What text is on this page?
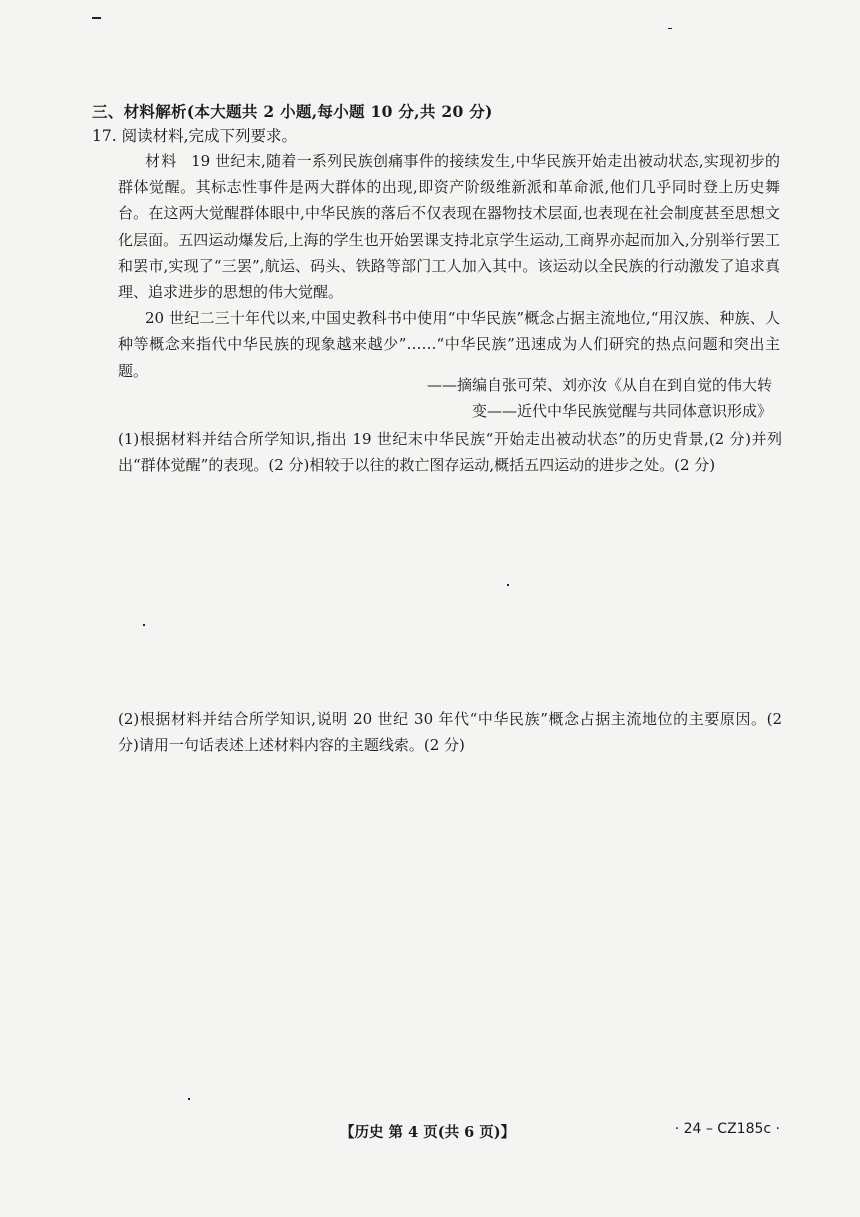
三、材料解析(本大题共 2 小题,每小题 10 分,共 20 分)
17. 阅读材料,完成下列要求。

材料 19 世纪末,随着一系列民族创痛事件的接续发生,中华民族开始走出被动状态,实现初步的群体觉醒。其标志性事件是两大群体的出现,即资产阶级维新派和革命派,他们几乎同时登上历史舞台。在这两大觉醒群体眼中,中华民族的落后不仅表现在器物技术层面,也表现在社会制度甚至思想文化层面。五四运动爆发后,上海的学生也开始罢课支持北京学生运动,工商界亦起而加入,分别举行罢工和罢市,实现了“三罢”,航运、码头、铁路等部门工人加入其中。该运动以全民族的行动激发了追求真理、追求进步的思想的伟大觉醒。

20 世纪二三十年代以来,中国史教科书中使用“中华民族”概念占据主流地位,“用汉族、种族、人种等概念来指代中华民族的现象越来越少”……“中华民族”迅速成为人们研究的热点问题和突出主题。

——摘编自张可荣、刘亦汝《从自在到自觉的伟大转
变——近代中华民族觉醒与共同体意识形成》
(1)根据材料并结合所学知识,指出 19 世纪末中华民族“开始走出被动状态”的历史背景,(2 分)并列出“群体觉醒”的表现。(2 分)相较于以往的救亡图存运动,概括五四运动的进步之处。(2 分)
(2)根据材料并结合所学知识,说明 20 世纪 30 年代“中华民族”概念占据主流地位的主要原因。(2 分)请用一句话表述上述材料内容的主题线索。(2 分)
【历史 第 4 页(共 6 页)】	· 24 – CZ185c ·
